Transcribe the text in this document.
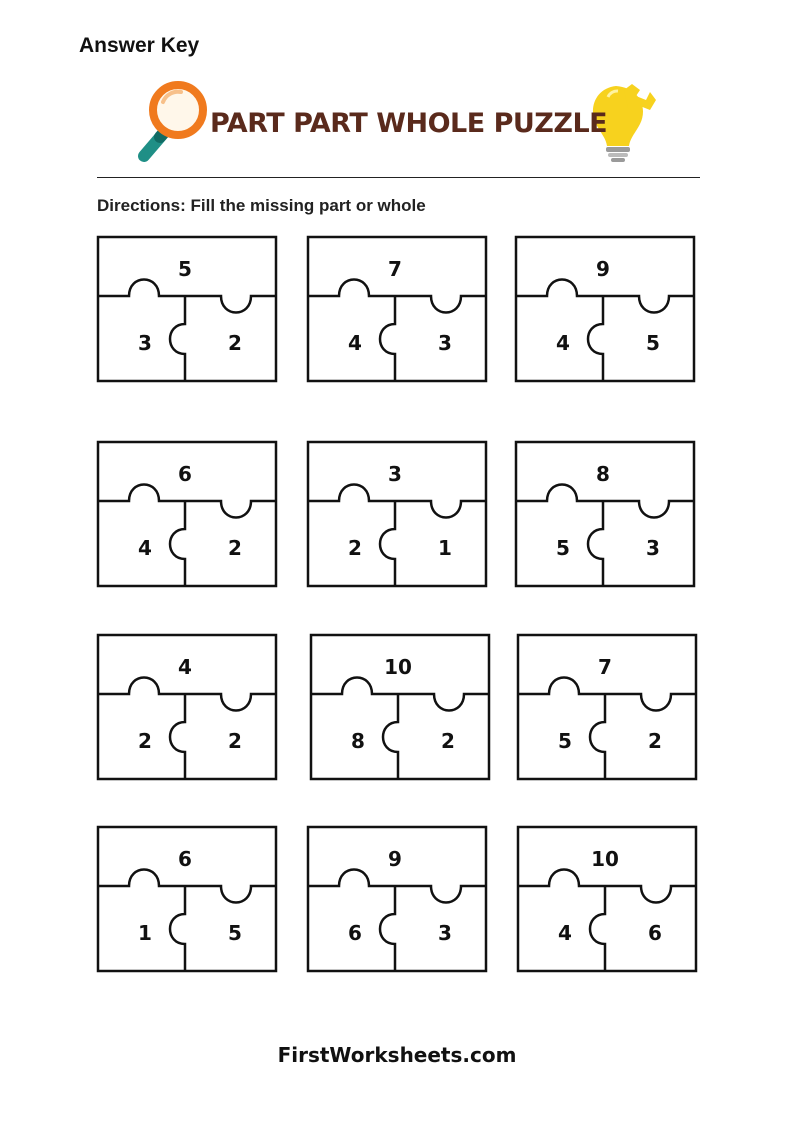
Answer Key
PART PART WHOLE PUZZLE
Directions: Fill the missing part or whole
5
3	2
7
4	3
9
4	5
6
4	2
3
2	1
8
5	3
4
2	2
10
8	2
7
5	2
6
1	5
9
6	3
10
4	6
FirstWorksheets.com
